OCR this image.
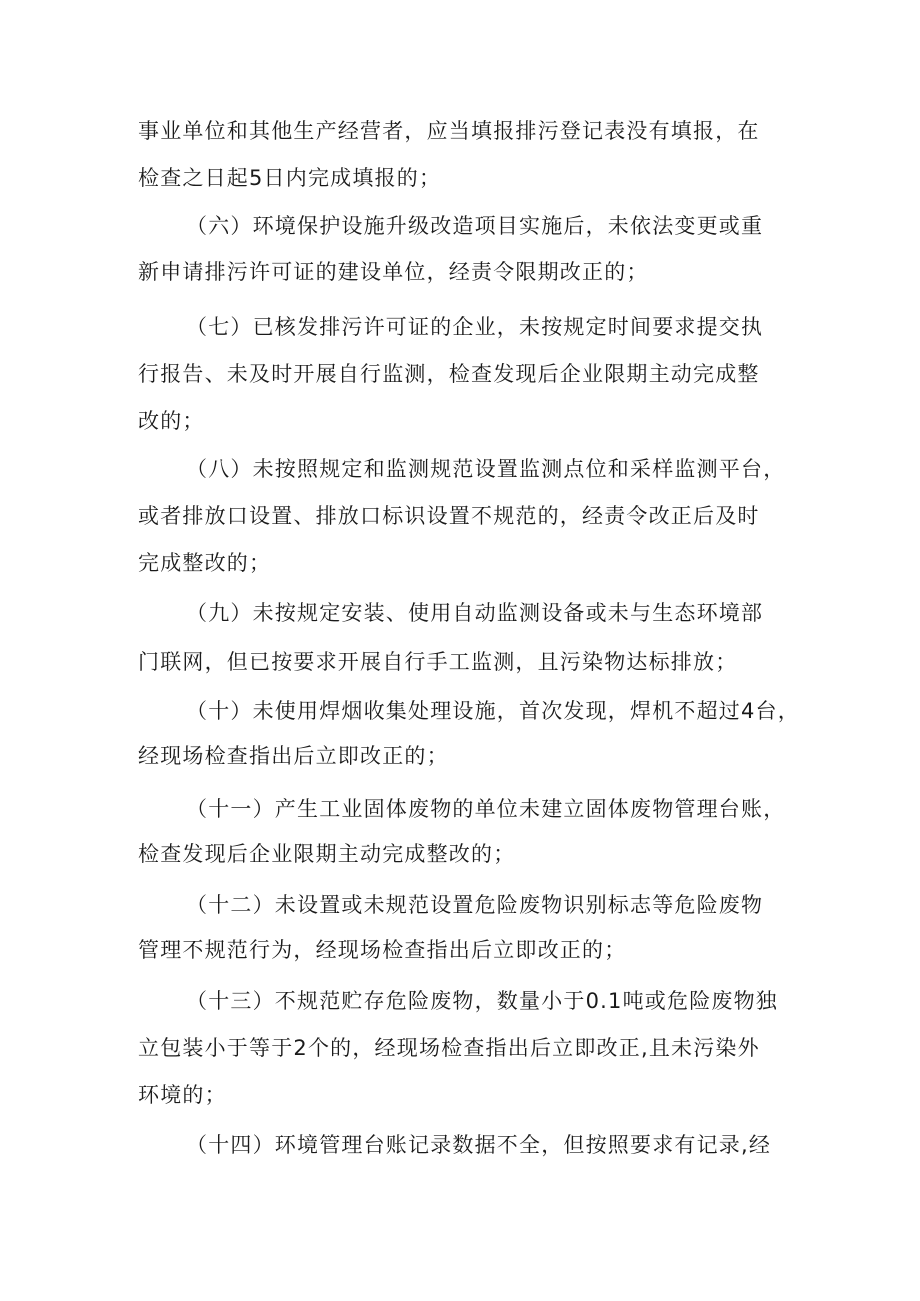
事业单位和其他生产经营者，应当填报排污登记表没有填报，在
检查之日起5日内完成填报的；
（六）环境保护设施升级改造项目实施后，未依法变更或重
新申请排污许可证的建设单位，经责令限期改正的；
（七）已核发排污许可证的企业，未按规定时间要求提交执
行报告、未及时开展自行监测，检查发现后企业限期主动完成整
改的；
（八）未按照规定和监测规范设置监测点位和采样监测平台，
或者排放口设置、排放口标识设置不规范的，经责令改正后及时
完成整改的；
（九）未按规定安装、使用自动监测设备或未与生态环境部
门联网，但已按要求开展自行手工监测，且污染物达标排放；
（十）未使用焊烟收集处理设施，首次发现，焊机不超过4台，
经现场检查指出后立即改正的；
（十一）产生工业固体废物的单位未建立固体废物管理台账，
检查发现后企业限期主动完成整改的；
（十二）未设置或未规范设置危险废物识别标志等危险废物
管理不规范行为，经现场检查指出后立即改正的；
（十三）不规范贮存危险废物，数量小于0.1吨或危险废物独
立包装小于等于2个的，经现场检查指出后立即改正,且未污染外
环境的；
（十四）环境管理台账记录数据不全，但按照要求有记录,经
